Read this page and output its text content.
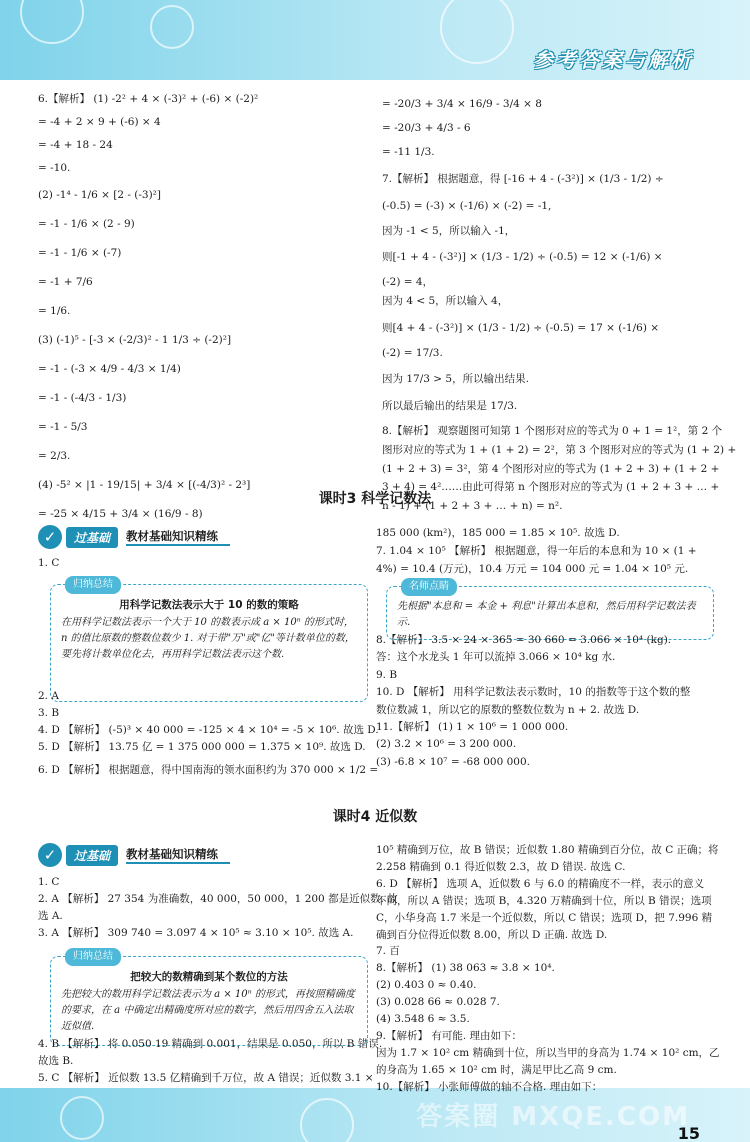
参考答案与解析
答案圈 MXQE.COM
15
6.【解析】 (1) -2² + 4 × (-3)² + (-6) × (-2)²
= -4 + 2 × 9 + (-6) × 4
= -4 + 18 - 24
= -10.
(2) -1⁴ - 1/6 × [2 - (-3)²]
= -1 - 1/6 × (2 - 9)
= -1 - 1/6 × (-7)
= -1 + 7/6
= 1/6.
(3) (-1)⁵ - [-3 × (-2/3)² - 1 1/3 ÷ (-2)²]
= -1 - (-3 × 4/9 - 4/3 × 1/4)
= -1 - (-4/3 - 1/3)
= -1 - 5/3
= 2/3.
(4) -5² × |1 - 19/15| + 3/4 × [(-4/3)² - 2³]
= -25 × 4/15 + 3/4 × (16/9 - 8)
= -20/3 + 3/4 × 16/9 - 3/4 × 8
= -20/3 + 4/3 - 6
= -11 1/3.
7.【解析】 根据题意，得 [-16 + 4 - (-3²)] × (1/3 - 1/2) ÷
(-0.5) = (-3) × (-1/6) × (-2) = -1,
因为 -1 < 5，所以输入 -1，
则[-1 + 4 - (-3²)] × (1/3 - 1/2) ÷ (-0.5) = 12 × (-1/6) ×
(-2) = 4，
因为 4 < 5，所以输入 4，
则[4 + 4 - (-3²)] × (1/3 - 1/2) ÷ (-0.5) = 17 × (-1/6) ×
(-2) = 17/3.
因为 17/3 > 5，所以输出结果.
所以最后输出的结果是 17/3.
8.【解析】 观察题图可知第 1 个图形对应的等式为 0 + 1 = 1²，第 2 个
图形对应的等式为 1 + (1 + 2) = 2²，第 3 个图形对应的等式为 (1 + 2) +
(1 + 2 + 3) = 3²，第 4 个图形对应的等式为 (1 + 2 + 3) + (1 + 2 +
3 + 4) = 4²……由此可得第 n 个图形对应的等式为 (1 + 2 + 3 + … +
n - 1) + (1 + 2 + 3 + … + n) = n².
课时3 科学记数法
✓	过基础	教材基础知识精练
1. C
归纳总结
用科学记数法表示大于 10 的数的策略
在用科学记数法表示一个大于 10 的数表示成 a × 10ⁿ 的形式时，n 的值比原数的整数位数少 1. 对于带"万"或"亿"等计数单位的数，要先将计数单位化去，再用科学记数法表示这个数.
2. A
3. B
4. D 【解析】 (-5)³ × 40 000 = -125 × 4 × 10⁴ = -5 × 10⁶. 故选 D.
5. D 【解析】 13.75 亿 = 1 375 000 000 = 1.375 × 10⁹. 故选 D.
6. D 【解析】 根据题意，得中国南海的领水面积约为 370 000 × 1/2 =
185 000 (km²)，185 000 = 1.85 × 10⁵. 故选 D.
7. 1.04 × 10⁵ 【解析】 根据题意，得一年后的本息和为 10 × (1 +
4%) = 10.4 (万元)，10.4 万元 = 104 000 元 = 1.04 × 10⁵ 元.
名师点睛
先根据"本息和 = 本金 + 利息"计算出本息和，然后用科学记数法表示.
8.【解析】 3.5 × 24 × 365 = 30 660 = 3.066 × 10⁴ (kg).
答：这个水龙头 1 年可以流掉 3.066 × 10⁴ kg 水.
9. B
10. D 【解析】 用科学记数法表示数时，10 的指数等于这个数的整
数位数减 1，所以它的原数的整数位数为 n + 2. 故选 D.
11.【解析】 (1) 1 × 10⁶ = 1 000 000.
(2) 3.2 × 10⁶ = 3 200 000.
(3) -6.8 × 10⁷ = -68 000 000.
课时4 近似数
✓	过基础	教材基础知识精练
1. C
2. A 【解析】 27 354 为准确数，40 000，50 000，1 200 都是近似数. 故
选 A.
3. A 【解析】 309 740 = 3.097 4 × 10⁵ ≈ 3.10 × 10⁵. 故选 A.
归纳总结
把较大的数精确到某个数位的方法
先把较大的数用科学记数法表示为 a × 10ⁿ 的形式，再按照精确度的要求，在 a 中确定出精确度所对应的数字，然后用四舍五入法取近似值.
4. B 【解析】 将 0.050 19 精确到 0.001，结果是 0.050，所以 B 错误.
故选 B.
5. C 【解析】 近似数 13.5 亿精确到千万位，故 A 错误；近似数 3.1 ×
10⁵ 精确到万位，故 B 错误；近似数 1.80 精确到百分位，故 C 正确；将
2.258 精确到 0.1 得近似数 2.3，故 D 错误. 故选 C.
6. D 【解析】 选项 A，近似数 6 与 6.0 的精确度不一样，表示的意义
不同，所以 A 错误；选项 B，4.320 万精确到十位，所以 B 错误；选项
C，小华身高 1.7 米是一个近似数，所以 C 错误；选项 D，把 7.996 精
确到百分位得近似数 8.00，所以 D 正确. 故选 D.
7. 百
8.【解析】 (1) 38 063 ≈ 3.8 × 10⁴.
(2) 0.403 0 ≈ 0.40.
(3) 0.028 66 ≈ 0.028 7.
(4) 3.548 6 ≈ 3.5.
9.【解析】 有可能. 理由如下：
因为 1.7 × 10² cm 精确到十位，所以当甲的身高为 1.74 × 10² cm，乙
的身高为 1.65 × 10² cm 时，满足甲比乙高 9 cm.
10.【解析】 小张师傅做的轴不合格. 理由如下：
